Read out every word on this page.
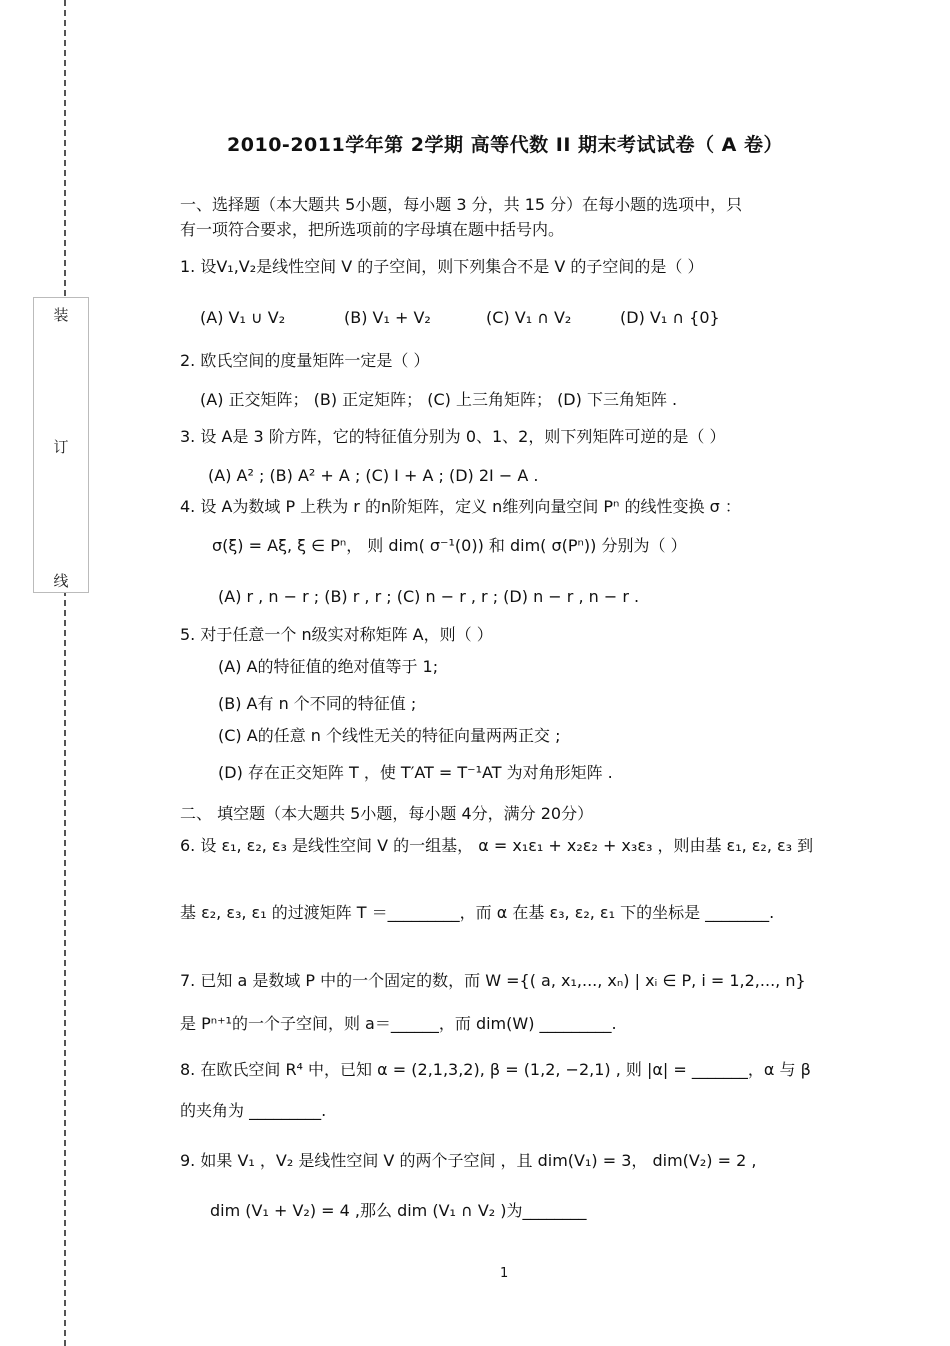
装
订
线
2010-2011学年第 2学期 高等代数 II 期末考试试卷（ A 卷）
一、选择题（本大题共 5小题，每小题 3 分，共 15 分）在每小题的选项中，只
有一项符合要求，把所选项前的字母填在题中括号内。
1. 设V₁,V₂是线性空间 V 的子空间，则下列集合不是 V 的子空间的是（ ）
(A) V₁ ∪ V₂	(B) V₁ + V₂	(C) V₁ ∩ V₂	(D) V₁ ∩ {0}
2. 欧氏空间的度量矩阵一定是（ ）
(A) 正交矩阵； (B) 正定矩阵； (C) 上三角矩阵； (D) 下三角矩阵 .
3. 设 A是 3 阶方阵，它的特征值分别为 0、1、2，则下列矩阵可逆的是（ ）
(A) A² ; (B) A² + A ; (C) I + A ; (D) 2I − A .
4. 设 A为数域 P 上秩为 r 的n阶矩阵，定义 n维列向量空间 Pⁿ 的线性变换 σ ：
σ(ξ) = Aξ, ξ ∈ Pⁿ， 则 dim( σ⁻¹(0)) 和 dim( σ(Pⁿ)) 分别为（ ）
(A) r , n − r ; (B) r , r ; (C) n − r , r ; (D) n − r , n − r .
5. 对于任意一个 n级实对称矩阵 A，则（ ）
(A) A的特征值的绝对值等于 1;
(B) A有 n 个不同的特征值 ;
(C) A的任意 n 个线性无关的特征向量两两正交 ;
(D) 存在正交矩阵 T ，使 T′AT = T⁻¹AT 为对角形矩阵 .
二、 填空题（本大题共 5小题，每小题 4分，满分 20分）
6. 设 ε₁, ε₂, ε₃ 是线性空间 V 的一组基， α = x₁ε₁ + x₂ε₂ + x₃ε₃ ，则由基 ε₁, ε₂, ε₃ 到
基 ε₂, ε₃, ε₁ 的过渡矩阵 T ＝_________，而 α 在基 ε₃, ε₂, ε₁ 下的坐标是 ________.
7. 已知 a 是数域 P 中的一个固定的数，而 W ={( a, x₁,..., xₙ) | xᵢ ∈ P, i = 1,2,..., n}
是 Pⁿ⁺¹的一个子空间，则 a＝______，而 dim(W) _________.
8. 在欧氏空间 R⁴ 中，已知 α = (2,1,3,2), β = (1,2, −2,1) , 则 |α| = _______，α 与 β
的夹角为 _________.
9. 如果 V₁ ，V₂ 是线性空间 V 的两个子空间 ，且 dim(V₁) = 3， dim(V₂) = 2 ,
dim (V₁ + V₂) = 4 ,那么 dim (V₁ ∩ V₂ )为________
1
